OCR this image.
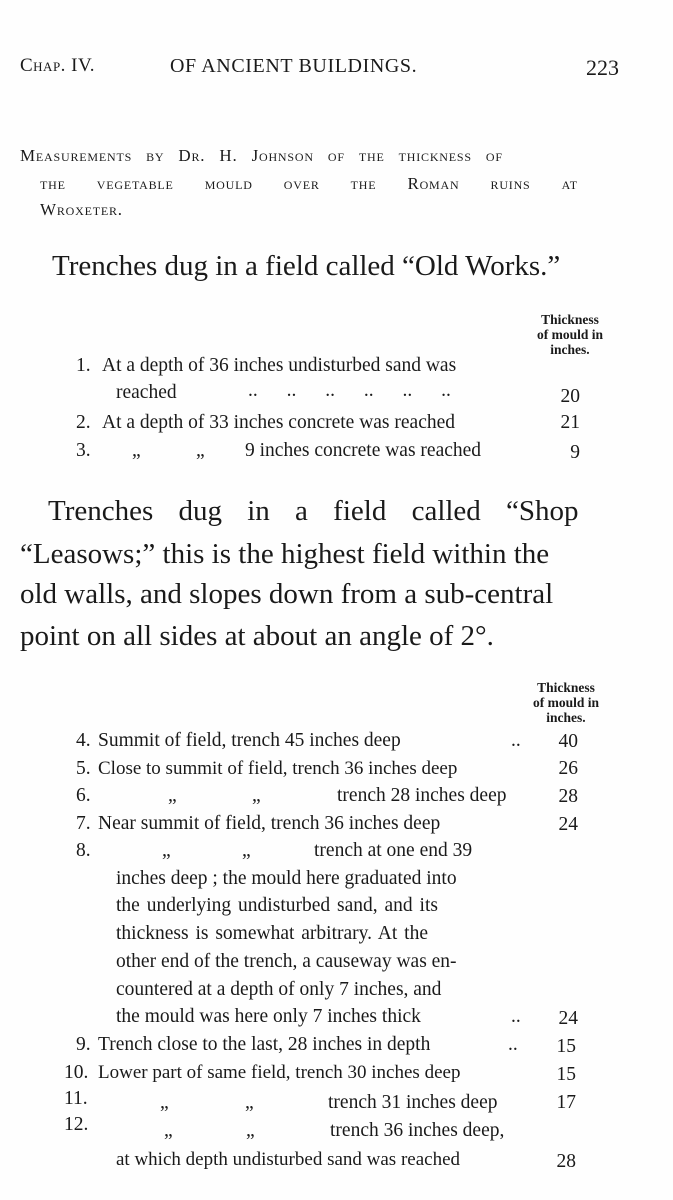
Chap. IV.	OF ANCIENT BUILDINGS.	223
Measurements by Dr. H. Johnson of the thickness of
the vegetable mould over the Roman ruins at
Wroxeter.
Trenches dug in a field called “Old Works.”
Thickness
of mould in
inches.
1. At a depth of 36 inches undisturbed sand was
reached	.. .. .. .. .. ..	20
2. At a depth of 33 inches concrete was reached	21
3. „	„ 9 inches concrete was reached	9
Trenches dug in a field called “Shop
“Leasows;” this is the highest field within the
old walls, and slopes down from a sub-central
point on all sides at about an angle of 2°.
Thickness
of mould in
inches.
4. Summit of field, trench 45 inches deep	..	40
5. Close to summit of field, trench 36 inches deep	26
6.	„	„	trench 28 inches deep	28
7. Near summit of field, trench 36 inches deep	24
8.	„	„	trench at one end 39
inches deep ; the mould here graduated into
the underlying undisturbed sand, and its
thickness is somewhat arbitrary. At the
other end of the trench, a causeway was en-
countered at a depth of only 7 inches, and
the mould was here only 7 inches thick	..	24
9. Trench close to the last, 28 inches in depth	..	15
10. Lower part of same field, trench 30 inches deep	15
11.	„	„	trench 31 inches deep	17
12.	„	„	trench 36 inches deep,
at which depth undisturbed sand was reached	28
